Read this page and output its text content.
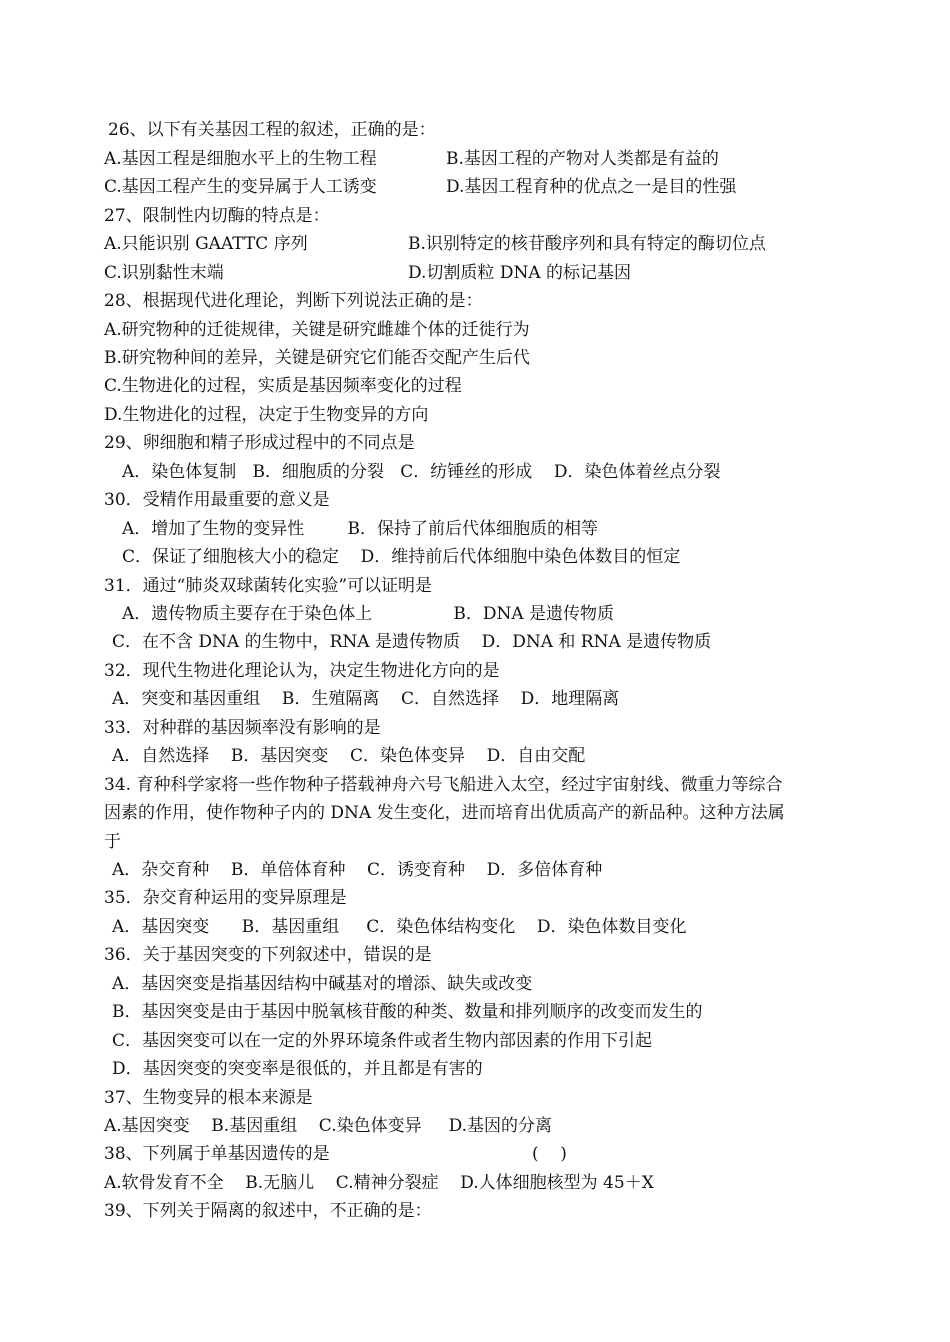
26、以下有关基因工程的叙述，正确的是：
A.基因工程是细胞水平上的生物工程	B.基因工程的产物对人类都是有益的
C.基因工程产生的变异属于人工诱变	D.基因工程育种的优点之一是目的性强
27、限制性内切酶的特点是：
A.只能识别 GAATTC 序列	B.识别特定的核苷酸序列和具有特定的酶切位点
C.识别黏性末端	D.切割质粒 DNA 的标记基因
28、根据现代进化理论，判断下列说法正确的是：
A.研究物种的迁徙规律，关键是研究雌雄个体的迁徙行为
B.研究物种间的差异，关键是研究它们能否交配产生后代
C.生物进化的过程，实质是基因频率变化的过程
D.生物进化的过程，决定于生物变异的方向
29、卵细胞和精子形成过程中的不同点是
A．染色体复制   B．细胞质的分裂   C．纺锤丝的形成    D．染色体着丝点分裂
30．受精作用最重要的意义是
A．增加了生物的变异性        B．保持了前后代体细胞质的相等
C．保证了细胞核大小的稳定    D．维持前后代体细胞中染色体数目的恒定
31．通过“肺炎双球菌转化实验”可以证明是
A．遗传物质主要存在于染色体上               B．DNA 是遗传物质
C．在不含 DNA 的生物中，RNA 是遗传物质    D．DNA 和 RNA 是遗传物质
32．现代生物进化理论认为，决定生物进化方向的是
A．突变和基因重组    B．生殖隔离    C．自然选择    D．地理隔离
33．对种群的基因频率没有影响的是
A．自然选择    B．基因突变    C．染色体变异    D．自由交配
34. 育种科学家将一些作物种子搭载神舟六号飞船进入太空，经过宇宙射线、微重力等综合
因素的作用，使作物种子内的 DNA 发生变化，进而培育出优质高产的新品种。这种方法属
于
A．杂交育种    B．单倍体育种    C．诱变育种    D．多倍体育种
35．杂交育种运用的变异原理是
A．基因突变      B．基因重组     C．染色体结构变化    D．染色体数目变化
36．关于基因突变的下列叙述中，错误的是
A．基因突变是指基因结构中碱基对的增添、缺失或改变
B．基因突变是由于基因中脱氧核苷酸的种类、数量和排列顺序的改变而发生的
C．基因突变可以在一定的外界环境条件或者生物内部因素的作用下引起
D．基因突变的突变率是很低的，并且都是有害的
37、生物变异的根本来源是
A.基因突变    B.基因重组    C.染色体变异     D.基因的分离
38、下列属于单基因遗传的是	(    )
A.软骨发育不全    B.无脑儿    C.精神分裂症    D.人体细胞核型为 45＋X
39、下列关于隔离的叙述中，不正确的是：
